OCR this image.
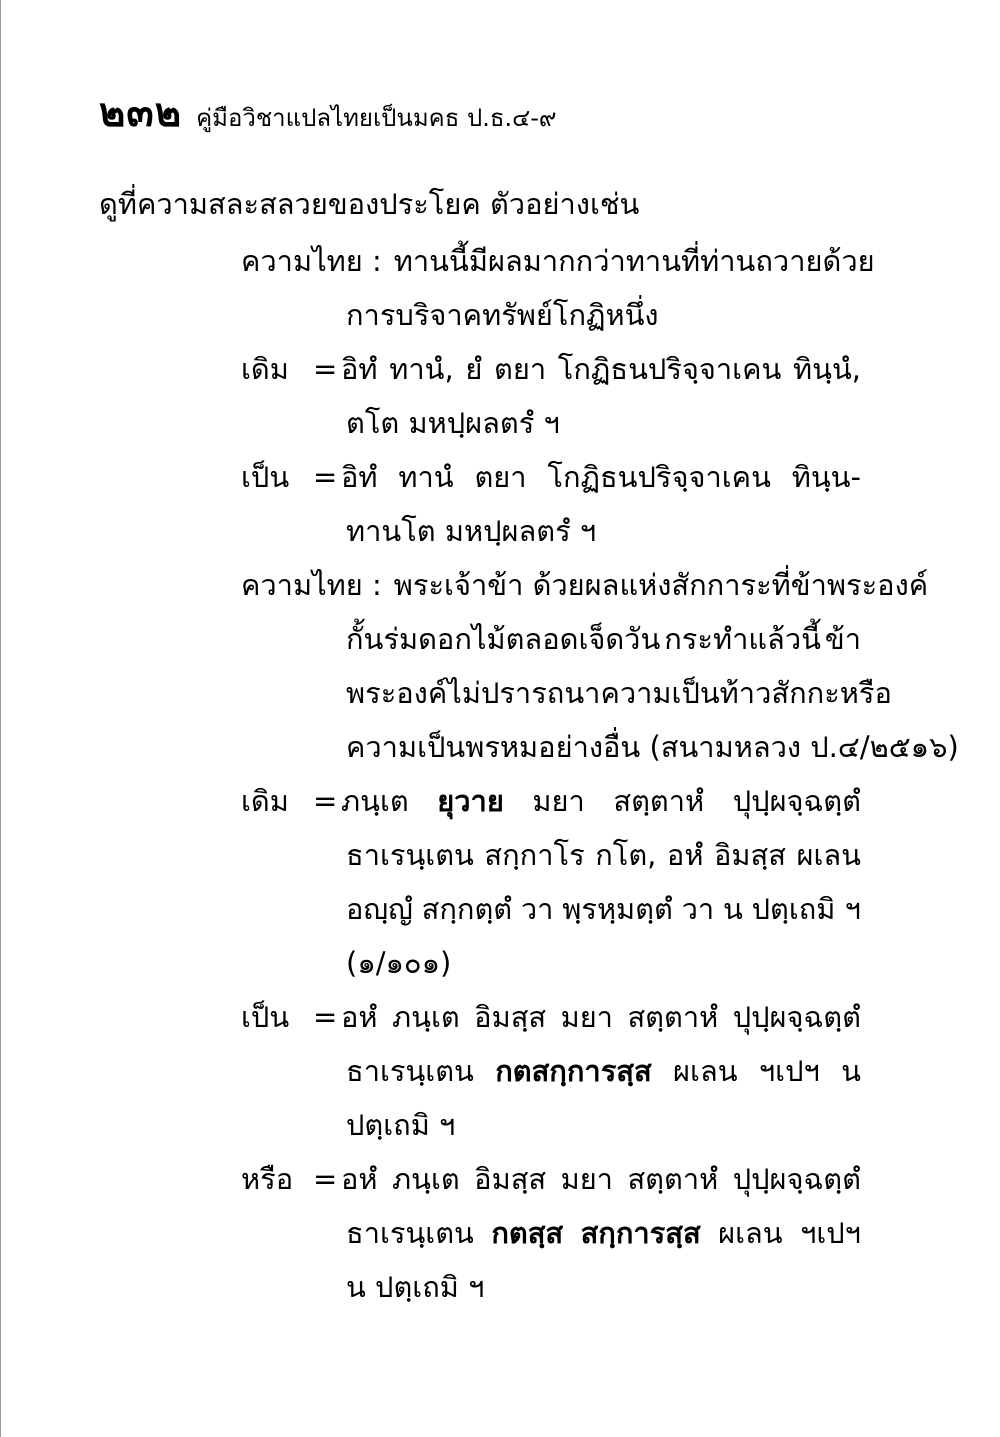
๒๓๒ คู่มือวิชาแปลไทยเป็นมคธ ป.ธ.๔-๙
ดูที่ความสละสลวยของประโยค ตัวอย่างเช่น
ความไทย : ทานนี้ มีผลมากกว่า ทานที่ท่านถวาย ด้วย
การบริจาคทรัพย์โกฏิหนึ่ง
เดิม = อิทํ ทานํ, ยํ ตยา โกฏิธนปริจฺจาเคน ทินฺนํ,
ตโต มหปฺผลตรํ ฯ
เป็น = อิทํ ทานํ ตยา โกฏิธนปริจฺจาเคน ทินฺน-
ทานโต มหปฺผลตรํ ฯ
ความไทย : พระเจ้าข้า ด้วยผลแห่งสักการะที่ข้าพระองค์
กั้นร่มดอกไม้ตลอดเจ็ดวัน กระทำแล้วนี้ ข้า
พระองค์ไม่ปรารถนาความเป็นท้าวสักกะ หรือ
ความเป็นพรหมอย่างอื่น (สนามหลวง ป.๔/๒๕๑๖)
เดิม = ภนฺเต ยุวาย มยา สตฺตาหํ ปุปฺผจฺฉตฺตํ
ธาเรนฺเตน สกฺกาโร กโต, อหํ อิมสฺส ผเลน
อญฺญํ สกฺกตฺตํ วา พฺรหฺมตฺตํ วา น ปตฺเถมิ ฯ
(๑/๑๐๑)
เป็น = อหํ ภนฺเต อิมสฺส มยา สตฺตาหํ ปุปฺผจฺฉตฺตํ
ธาเรนฺเตน กตสกฺการสฺส ผเลน ฯเปฯ น
ปตฺเถมิ ฯ
หรือ = อหํ ภนฺเต อิมสฺส มยา สตฺตาหํ ปุปฺผจฺฉตฺตํ
ธาเรนฺเตน กตสฺส สกฺการสฺส ผเลน ฯเปฯ
น ปตฺเถมิ ฯ
